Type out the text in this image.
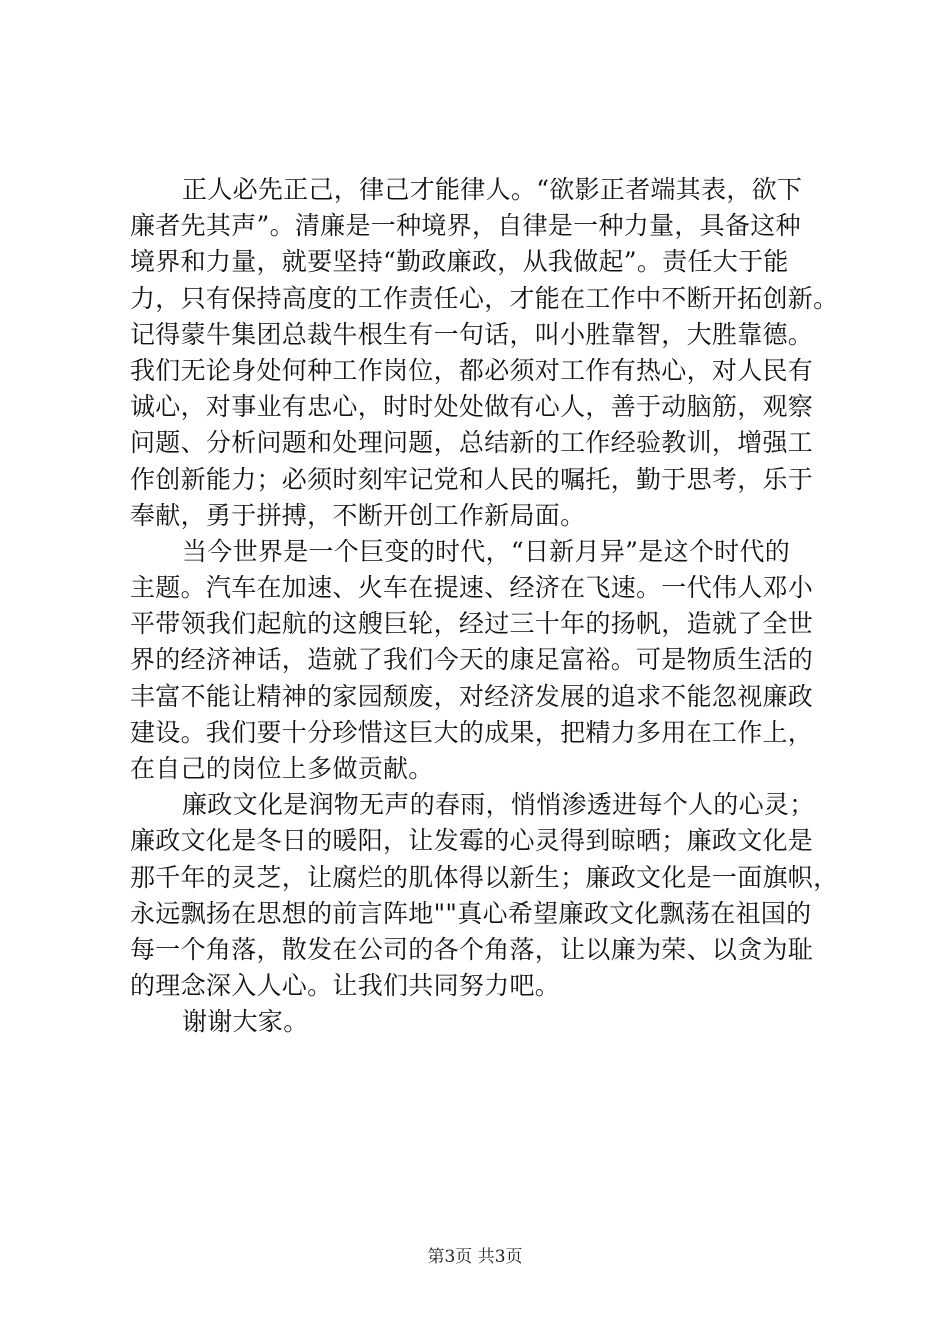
正人必先正己，律己才能律人。“欲影正者端其表，欲下
廉者先其声”。清廉是一种境界，自律是一种力量，具备这种
境界和力量，就要坚持“勤政廉政，从我做起”。责任大于能
力，只有保持高度的工作责任心，才能在工作中不断开拓创新。
记得蒙牛集团总裁牛根生有一句话，叫小胜靠智，大胜靠德。
我们无论身处何种工作岗位，都必须对工作有热心，对人民有
诚心，对事业有忠心，时时处处做有心人，善于动脑筋，观察
问题、分析问题和处理问题，总结新的工作经验教训，增强工
作创新能力；必须时刻牢记党和人民的嘱托，勤于思考，乐于
奉献，勇于拼搏，不断开创工作新局面。
当今世界是一个巨变的时代，“日新月异”是这个时代的
主题。汽车在加速、火车在提速、经济在飞速。一代伟人邓小
平带领我们起航的这艘巨轮，经过三十年的扬帆，造就了全世
界的经济神话，造就了我们今天的康足富裕。可是物质生活的
丰富不能让精神的家园颓废，对经济发展的追求不能忽视廉政
建设。我们要十分珍惜这巨大的成果，把精力多用在工作上，
在自己的岗位上多做贡献。
廉政文化是润物无声的春雨，悄悄渗透进每个人的心灵；
廉政文化是冬日的暖阳，让发霉的心灵得到晾晒；廉政文化是
那千年的灵芝，让腐烂的肌体得以新生；廉政文化是一面旗帜，
永远飘扬在思想的前言阵地""真心希望廉政文化飘荡在祖国的
每一个角落，散发在公司的各个角落，让以廉为荣、以贪为耻
的理念深入人心。让我们共同努力吧。
谢谢大家。
第3页 共3页
